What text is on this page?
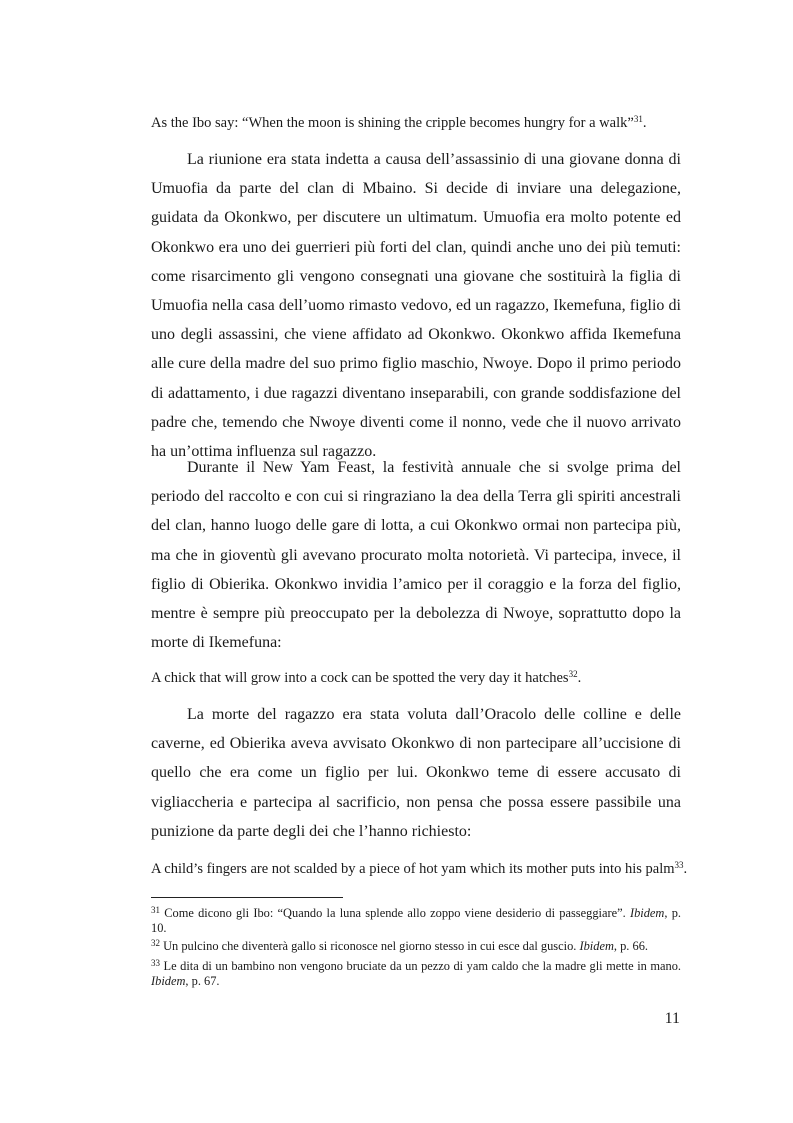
As the Ibo say: “When the moon is shining the cripple becomes hungry for a walk”$^{31}$.

La riunione era stata indetta a causa dell’assassinio di una giovane donna di Umuofia da parte del clan di Mbaino. Si decide di inviare una delegazione, guidata da Okonkwo, per discutere un ultimatum. Umuofia era molto potente ed Okonkwo era uno dei guerrieri più forti del clan, quindi anche uno dei più temuti: come risarcimento gli vengono consegnati una giovane che sostituirà la figlia di Umuofia nella casa dell’uomo rimasto vedovo, ed un ragazzo, Ikemefuna, figlio di uno degli assassini, che viene affidato ad Okonkwo. Okonkwo affida Ikemefuna alle cure della madre del suo primo figlio maschio, Nwoye. Dopo il primo periodo di adattamento, i due ragazzi diventano inseparabili, con grande soddisfazione del padre che, temendo che Nwoye diventi come il nonno, vede che il nuovo arrivato ha un’ottima influenza sul ragazzo.

Durante il New Yam Feast, la festività annuale che si svolge prima del periodo del raccolto e con cui si ringraziano la dea della Terra gli spiriti ancestrali del clan, hanno luogo delle gare di lotta, a cui Okonkwo ormai non partecipa più, ma che in gioventù gli avevano procurato molta notorietà. Vi partecipa, invece, il figlio di Obierika. Okonkwo invidia l’amico per il coraggio e la forza del figlio, mentre è sempre più preoccupato per la debolezza di Nwoye, soprattutto dopo la morte di Ikemefuna:

A chick that will grow into a cock can be spotted the very day it hatches$^{32}$.

La morte del ragazzo era stata voluta dall’Oracolo delle colline e delle caverne, ed Obierika aveva avvisato Okonkwo di non partecipare all’uccisione di quello che era come un figlio per lui. Okonkwo teme di essere accusato di vigliaccheria e partecipa al sacrificio, non pensa che possa essere passibile una punizione da parte degli dei che l’hanno richiesto:

A child’s fingers are not scalded by a piece of hot yam which its mother puts into his palm$^{33}$.
$^{31}$ Come dicono gli Ibo: “Quando la luna splende allo zoppo viene desiderio di passeggiare”. Ibidem, p. 10.
$^{32}$ Un pulcino che diventerà gallo si riconosce nel giorno stesso in cui esce dal guscio. Ibidem, p. 66.
$^{33}$ Le dita di un bambino non vengono bruciate da un pezzo di yam caldo che la madre gli mette in mano. Ibidem, p. 67.
11
